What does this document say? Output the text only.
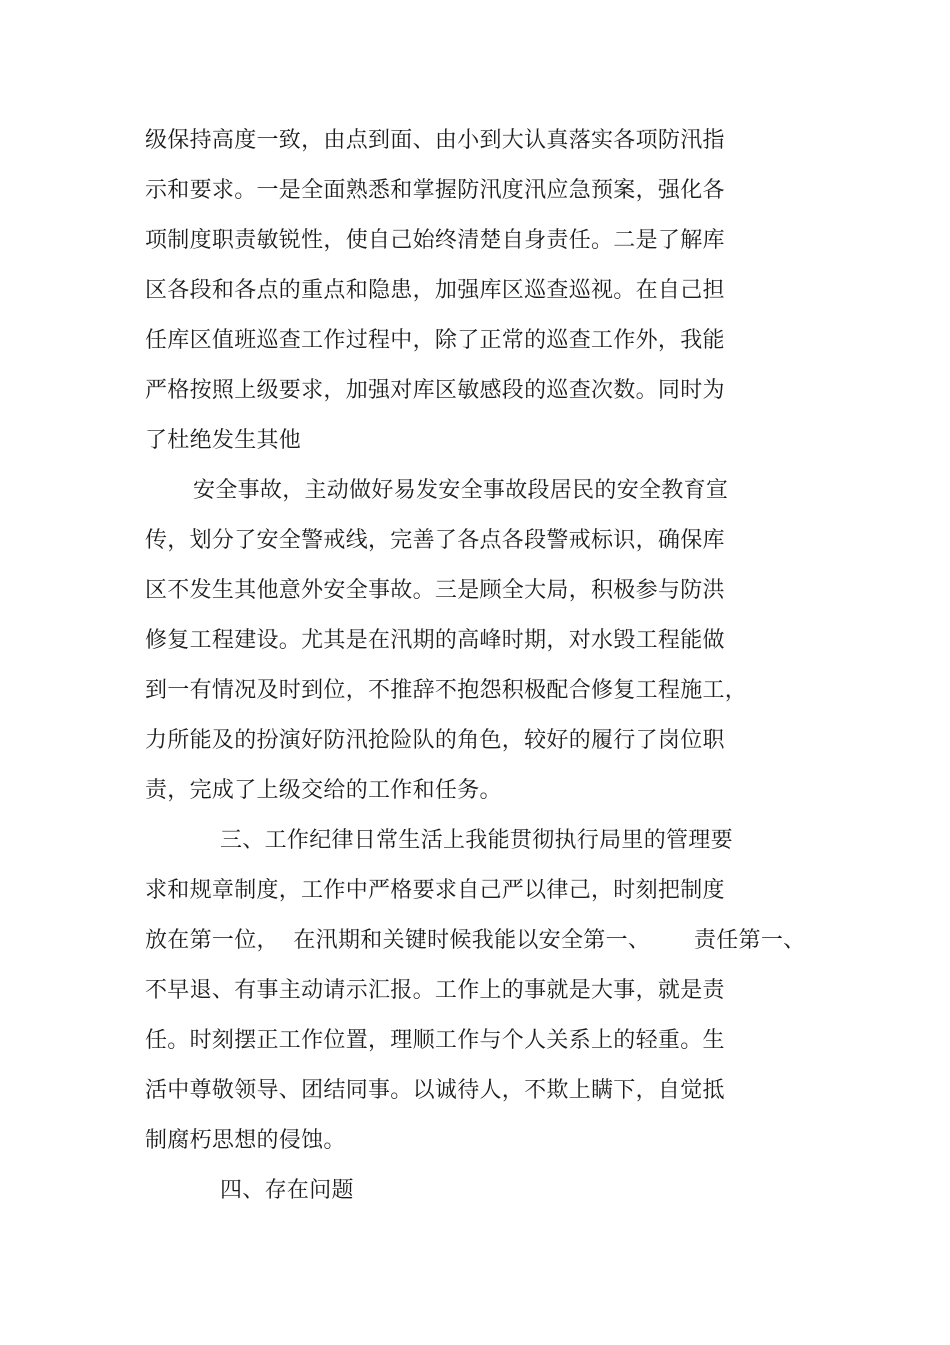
级保持高度一致，由点到面、由小到大认真落实各项防汛指
示和要求。一是全面熟悉和掌握防汛度汛应急预案，强化各
项制度职责敏锐性，使自己始终清楚自身责任。二是了解库
区各段和各点的重点和隐患，加强库区巡查巡视。在自己担
任库区值班巡查工作过程中，除了正常的巡查工作外，我能
严格按照上级要求，加强对库区敏感段的巡查次数。同时为
了杜绝发生其他
安全事故，主动做好易发安全事故段居民的安全教育宣
传，划分了安全警戒线，完善了各点各段警戒标识，确保库
区不发生其他意外安全事故。三是顾全大局，积极参与防洪
修复工程建设。尤其是在汛期的高峰时期，对水毁工程能做
到一有情况及时到位，不推辞不抱怨积极配合修复工程施工，
力所能及的扮演好防汛抢险队的角色，较好的履行了岗位职
责，完成了上级交给的工作和任务。
三、工作纪律日常生活上我能贯彻执行局里的管理要
求和规章制度，工作中严格要求自己严以律己，时刻把制度
放在第一位，  在汛期和关键时候我能以安全第一、      责任第一、
不早退、有事主动请示汇报。工作上的事就是大事，就是责
任。时刻摆正工作位置，理顺工作与个人关系上的轻重。生
活中尊敬领导、团结同事。以诚待人，不欺上瞒下，自觉抵
制腐朽思想的侵蚀。
四、存在问题
